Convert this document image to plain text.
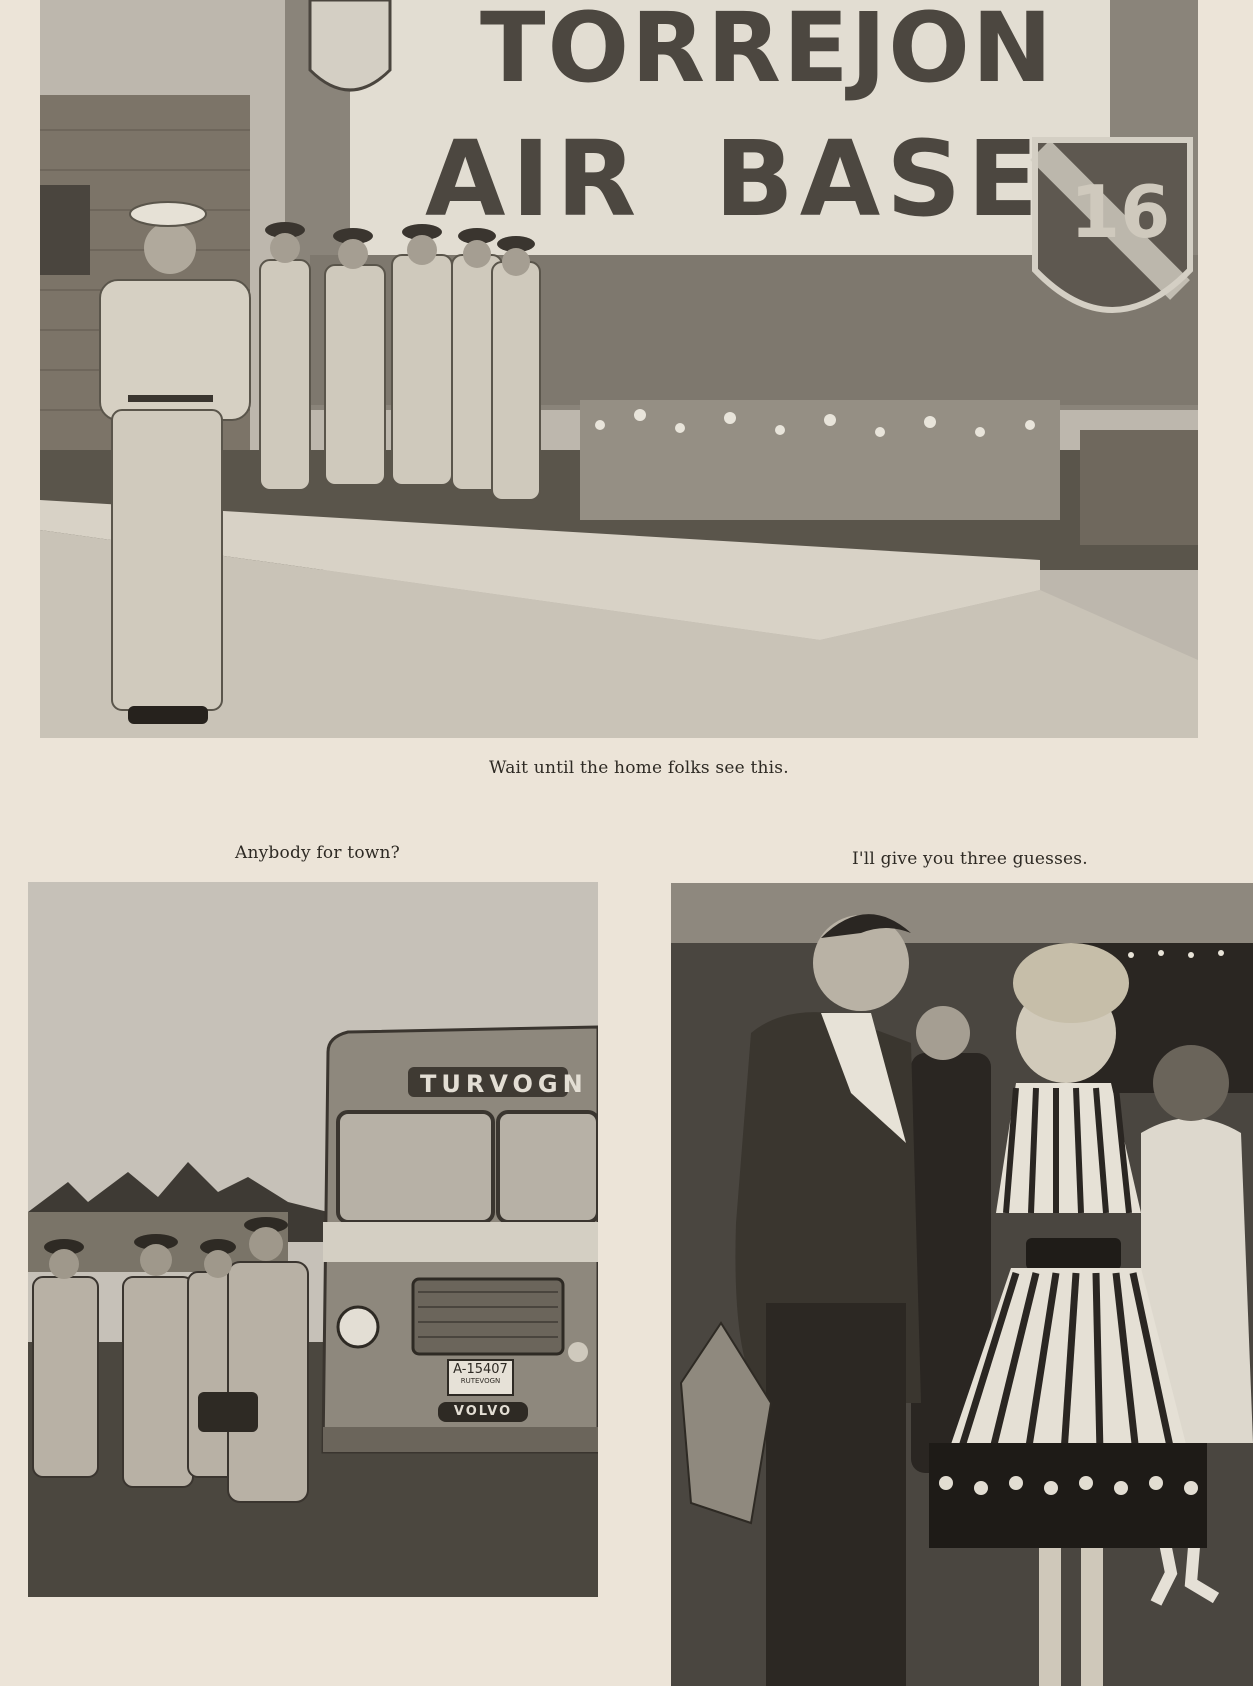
TORREJON
AIR BASE 16
Wait until the home folks see this.
Anybody for town?	I'll give you three guesses.
TURVOGN
A-15407
RUTEVOGN
VOLVO
